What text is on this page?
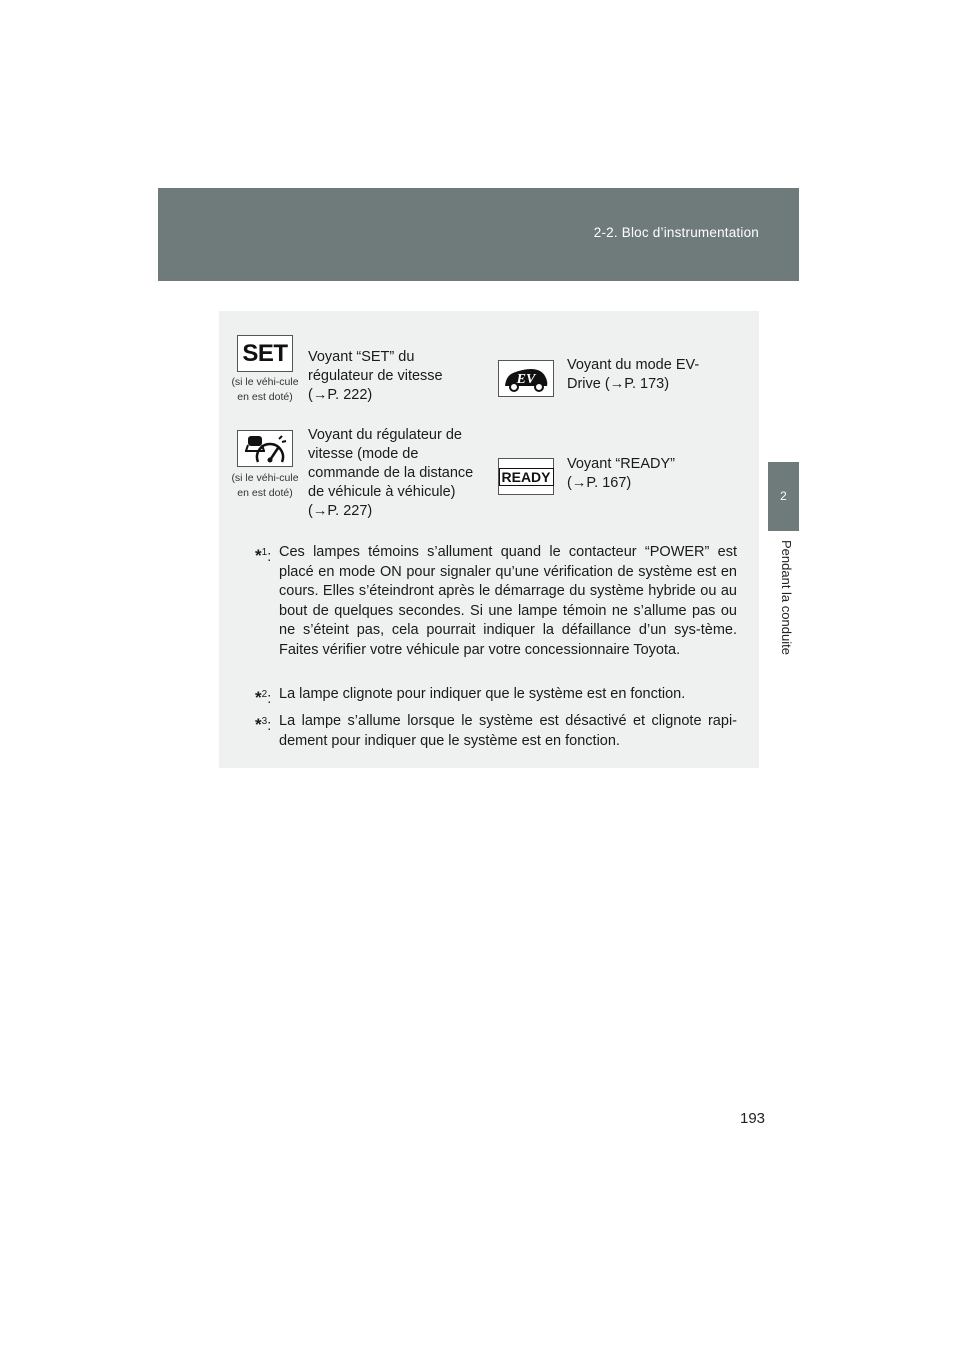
2-2. Bloc d’instrumentation
2
Pendant la conduite
SET
(si le véhi-cule en est doté)
Voyant “SET” du régulateur de vitesse (→P. 222)
EV
Voyant du mode EV-Drive (→P. 173)
(si le véhi-cule en est doté)
Voyant du régulateur de vitesse (mode de commande de la distance de véhicule à véhicule) (→P. 227)
READY
Voyant “READY” (→P. 167)
*$^1$: Ces lampes témoins s’allument quand le contacteur “POWER” est placé en mode ON pour signaler qu’une vérification de système est en cours. Elles s’éteindront après le démarrage du système hybride ou au bout de quelques secondes. Si une lampe témoin ne s’allume pas ou ne s’éteint pas, cela pourrait indiquer la défaillance d’un sys-tème. Faites vérifier votre véhicule par votre concessionnaire Toyota.
*$^2$: La lampe clignote pour indiquer que le système est en fonction.
*$^3$: La lampe s’allume lorsque le système est désactivé et clignote rapi-dement pour indiquer que le système est en fonction.
193
